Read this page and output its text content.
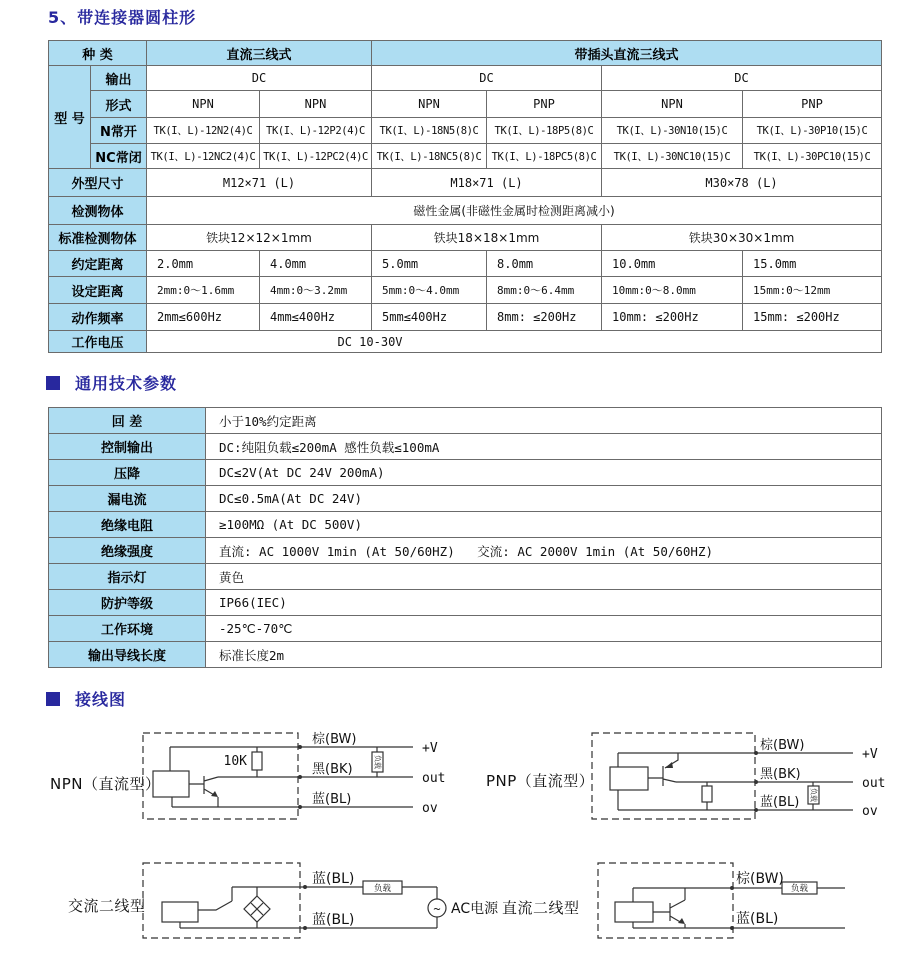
5、带连接器圆柱形
种 类		直流三线式		带插头直流三线式			
型 号	输出	DC		DC		DC	
	形式	NPN	NPN	NPN	PNP	NPN	PNP
	N常开	TK(I、L)-12N2(4)C	TK(I、L)-12P2(4)C	TK(I、L)-18N5(8)C	TK(I、L)-18P5(8)C	TK(I、L)-30N10(15)C	TK(I、L)-30P10(15)C
	NC常闭	TK(I、L)-12NC2(4)C	TK(I、L)-12PC2(4)C	TK(I、L)-18NC5(8)C	TK(I、L)-18PC5(8)C	TK(I、L)-30NC10(15)C	TK(I、L)-30PC10(15)C
外型尺寸		M12×71 (L)		M18×71 (L)		M30×78 (L)	
检测物体		磁性金属(非磁性金属时检测距离减小)					
标准检测物体		铁块12×12×1mm		铁块18×18×1mm		铁块30×30×1mm	
约定距离		2.0mm	4.0mm	5.0mm	8.0mm	10.0mm	15.0mm
设定距离		2mm:0～1.6mm	4mm:0～3.2mm	5mm:0～4.0mm	8mm:0～6.4mm	10mm:0～8.0mm	15mm:0～12mm
动作频率		2mm≤600Hz	4mm≤400Hz	5mm≤400Hz	8mm: ≤200Hz	10mm: ≤200Hz	15mm: ≤200Hz
工作电压		DC 10-30V					
通用技术参数
回 差	小于10%约定距离
控制输出	DC:纯阻负载≤200mA 感性负载≤100mA
压降	DC≤2V(At DC 24V 200mA)
漏电流	DC≤0.5mA(At DC 24V)
绝缘电阻	≥100MΩ (At DC 500V)
绝缘强度	直流: AC 1000V 1min (At 50/60HZ)   交流: AC 2000V 1min (At 50/60HZ)
指示灯	黄色
防护等级	IP66(IEC)
工作环境	-25℃-70℃
输出导线长度	标准长度2m
接线图
NPN（直流型）
10K	负载
棕(BW)
黑(BK)
蓝(BL)
+V
out
ov
PNP（直流型）
负载
棕(BW)
黑(BK)
蓝(BL)
+V
out
ov
交流二线型
负载
~
蓝(BL)
蓝(BL)
AC电源 直流二线型
负载
棕(BW)
蓝(BL)
